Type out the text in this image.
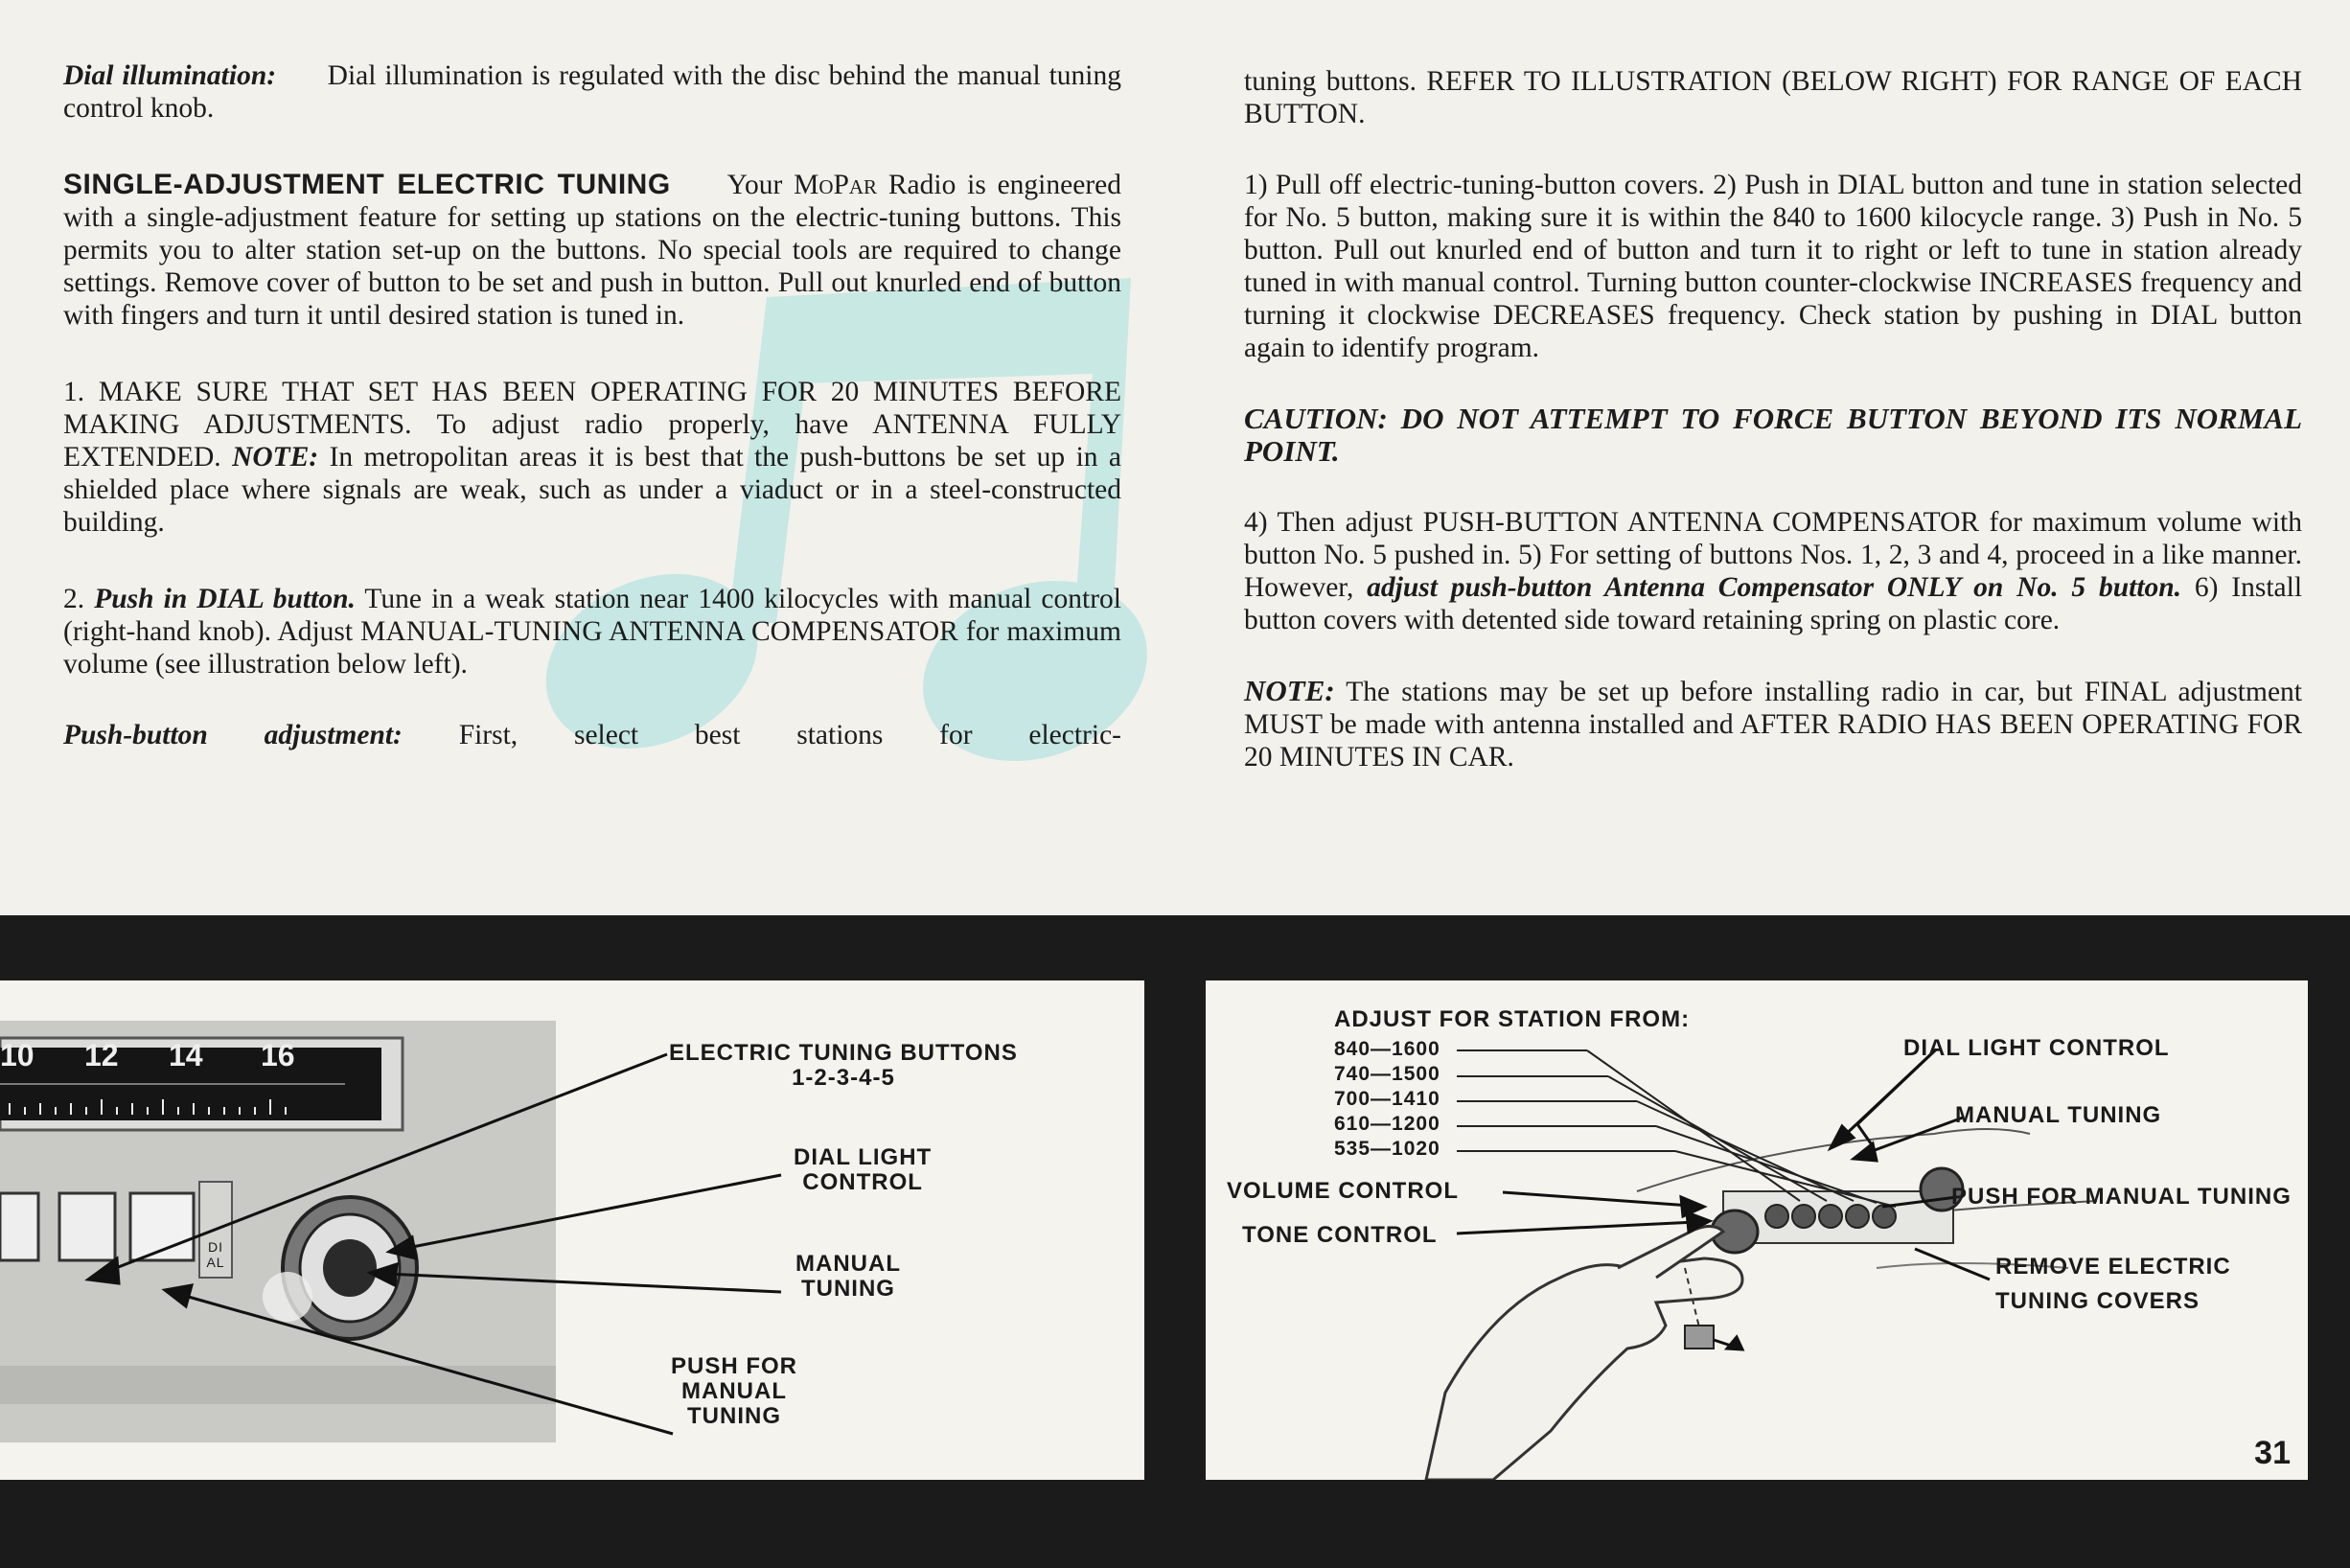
Dial illumination: Dial illumination is regulated with the disc behind the manual tuning control knob.

SINGLE-ADJUSTMENT ELECTRIC TUNING Your MoPar Radio is engineered with a single-adjustment feature for setting up stations on the electric-tuning buttons. This permits you to alter station set-up on the buttons. No special tools are required to change settings. Remove cover of button to be set and push in button. Pull out knurled end of button with fingers and turn it until desired station is tuned in.

1. MAKE SURE THAT SET HAS BEEN OPERATING FOR 20 MINUTES BEFORE MAKING ADJUSTMENTS. To adjust radio properly, have ANTENNA FULLY EXTENDED. NOTE: In metropolitan areas it is best that the push-buttons be set up in a shielded place where signals are weak, such as under a viaduct or in a steel-constructed building.

2. Push in DIAL button. Tune in a weak station near 1400 kilocycles with manual control (right-hand knob). Adjust MANUAL-TUNING ANTENNA COMPENSATOR for maximum volume (see illustration below left).

Push-button adjustment: First, select best stations for electric-

tuning buttons. REFER TO ILLUSTRATION (BELOW RIGHT) FOR RANGE OF EACH BUTTON.

1) Pull off electric-tuning-button covers. 2) Push in DIAL button and tune in station selected for No. 5 button, making sure it is within the 840 to 1600 kilocycle range. 3) Push in No. 5 button. Pull out knurled end of button and turn it to right or left to tune in station already tuned in with manual control. Turning button counter-clockwise INCREASES frequency and turning it clockwise DECREASES frequency. Check station by pushing in DIAL button again to identify program.

CAUTION: DO NOT ATTEMPT TO FORCE BUTTON BEYOND ITS NORMAL POINT.

4) Then adjust PUSH-BUTTON ANTENNA COMPENSATOR for maximum volume with button No. 5 pushed in. 5) For setting of buttons Nos. 1, 2, 3 and 4, proceed in a like manner. However, adjust push-button Antenna Compensator ONLY on No. 5 button. 6) Install button covers with detented side toward retaining spring on plastic core.

NOTE: The stations may be set up before installing radio in car, but FINAL adjustment MUST be made with antenna installed and AFTER RADIO HAS BEEN OPERATING FOR 20 MINUTES IN CAR.

10 12 14 16
DIAL
ELECTRIC TUNING BUTTONS
1-2-3-4-5
DIAL LIGHT
CONTROL
MANUAL
TUNING
PUSH FOR
MANUAL
TUNING
ADJUST FOR STATION FROM:
840—1600
740—1500
700—1410
610—1200
535—1020
VOLUME CONTROL
TONE CONTROL
DIAL LIGHT CONTROL
MANUAL TUNING
PUSH FOR MANUAL TUNING
REMOVE ELECTRIC
TUNING COVERS
31
